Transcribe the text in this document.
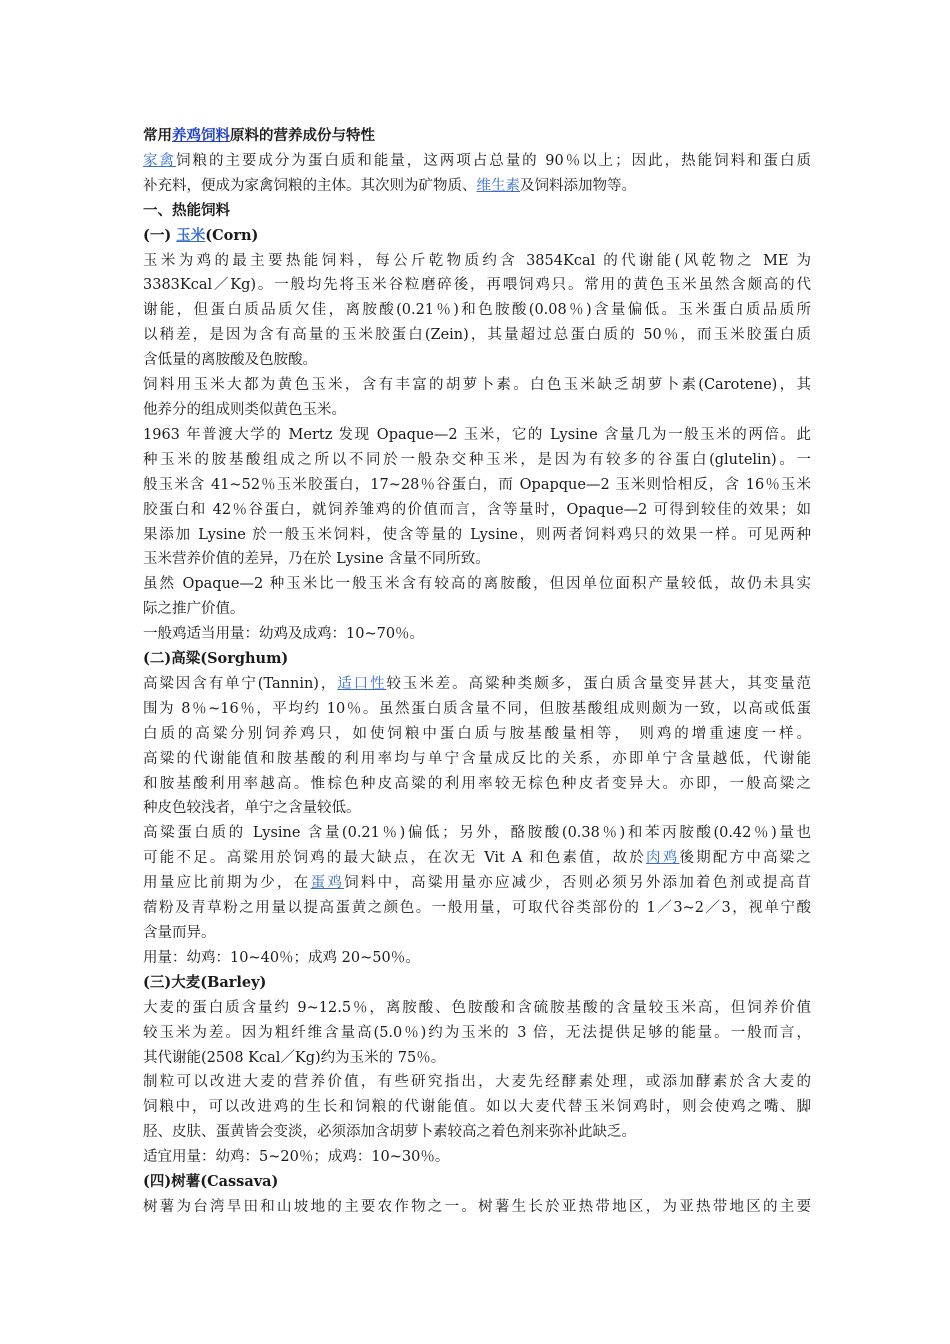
常用养鸡饲料原料的营养成份与特性
家禽饲粮的主要成分为蛋白质和能量，这两项占总量的 90％以上；因此，热能饲料和蛋白质
补充料，便成为家禽饲粮的主体。其次则为矿物质、维生素及饲料添加物等。
一、热能饲料
(一) 玉米(Corn)
玉米为鸡的最主要热能饲料，每公斤乾物质约含 3854Kcal 的代谢能(风乾物之 ME 为
3383Kcal／Kg)。一般均先将玉米谷粒磨碎後，再喂饲鸡只。常用的黄色玉米虽然含颇高的代
谢能，但蛋白质品质欠佳，离胺酸(0.21％)和色胺酸(0.08％)含量偏低。玉米蛋白质品质所
以稍差，是因为含有高量的玉米胶蛋白(Zein)，其量超过总蛋白质的 50％，而玉米胶蛋白质
含低量的离胺酸及色胺酸。
饲料用玉米大都为黄色玉米，含有丰富的胡萝卜素。白色玉米缺乏胡萝卜素(Carotene)，其
他养分的组成则类似黄色玉米。
1963 年普渡大学的 Mertz 发现 Opaque—2 玉米，它的 Lysine 含量几为一般玉米的两倍。此
种玉米的胺基酸组成之所以不同於一般杂交种玉米，是因为有较多的谷蛋白(glutelin)。一
般玉米含 41~52％玉米胶蛋白，17~28％谷蛋白，而 Opapque—2 玉米则恰相反，含 16％玉米
胶蛋白和 42％谷蛋白，就饲养雏鸡的价值而言，含等量时，Opaque—2 可得到较佳的效果；如
果添加 Lysine 於一般玉米饲料，使含等量的 Lysine，则两者饲料鸡只的效果一样。可见两种
玉米营养价值的差异，乃在於 Lysine 含量不同所致。
虽然 Opaque—2 种玉米比一般玉米含有较高的离胺酸，但因单位面积产量较低，故仍未具实
际之推广价值。
一般鸡适当用量：幼鸡及成鸡：10~70％。
(二)高粱(Sorghum)
高粱因含有单宁(Tannin)，适口性较玉米差。高粱种类颇多，蛋白质含量变异甚大，其变量范
围为 8％~16％，平均约 10％。虽然蛋白质含量不同，但胺基酸组成则颇为一致，以高或低蛋
白质的高粱分别饲养鸡只，如使饲粮中蛋白质与胺基酸量相等， 则鸡的增重速度一样。
高粱的代谢能值和胺基酸的利用率均与单宁含量成反比的关系，亦即单宁含量越低，代谢能
和胺基酸利用率越高。惟棕色种皮高粱的利用率较无棕色种皮者变异大。亦即，一般高粱之
种皮色较浅者，单宁之含量较低。
高粱蛋白质的 Lysine 含量(0.21％)偏低；另外，酪胺酸(0.38％)和苯丙胺酸(0.42％)量也
可能不足。高粱用於饲鸡的最大缺点，在次无 Vit A 和色素值，故於肉鸡後期配方中高粱之
用量应比前期为少，在蛋鸡饲料中，高粱用量亦应减少，否则必须另外添加着色剂或提高苜
蓿粉及青草粉之用量以提高蛋黄之颜色。一般用量，可取代谷类部份的 1／3~2／3，视单宁酸
含量而异。
用量：幼鸡：10~40％；成鸡 20~50％。
(三)大麦(Barley)
大麦的蛋白质含量约 9~12.5％，离胺酸、色胺酸和含硫胺基酸的含量较玉米高，但饲养价值
较玉米为差。因为粗纤维含量高(5.0％)约为玉米的 3 倍，无法提供足够的能量。一般而言，
其代谢能(2508 Kcal／Kg)约为玉米的 75％。
制粒可以改进大麦的营养价值，有些研究指出，大麦先经酵素处理，或添加酵素於含大麦的
饲粮中，可以改进鸡的生长和饲粮的代谢能值。如以大麦代替玉米饲鸡时，则会使鸡之嘴、脚
胫、皮肤、蛋黄皆会变淡，必须添加含胡萝卜素较高之着色剂来弥补此缺乏。
适宜用量：幼鸡：5~20％；成鸡：10~30％。
(四)树薯(Cassava)
树薯为台湾旱田和山坡地的主要农作物之一。树薯生长於亚热带地区，为亚热带地区的主要
